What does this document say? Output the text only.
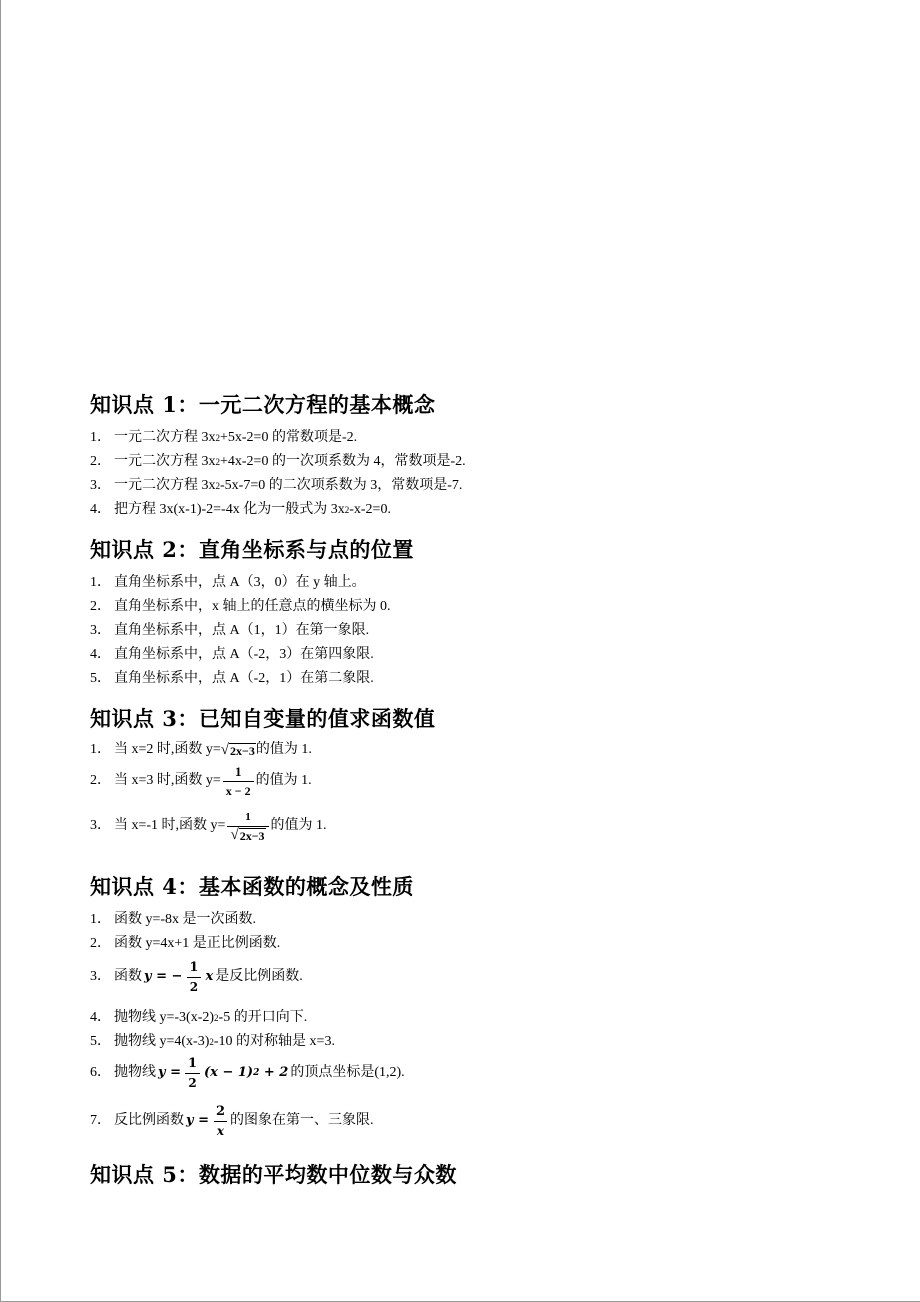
知识点 1：一元二次方程的基本概念
1． 一元二次方程 3x 2 +5x-2=0 的常数项是-2.
2． 一元二次方程 3x 2 +4x-2=0 的一次项系数为 4，常数项是-2.
3． 一元二次方程 3x 2 -5x-7=0 的二次项系数为 3，常数项是-7.
4． 把方程 3x(x-1)-2=-4x 化为一般式为 3x 2 -x-2=0.
知识点 2：直角坐标系与点的位置
1． 直角坐标系中，点 A（3，0）在 y 轴上。
2． 直角坐标系中，x 轴上的任意点的横坐标为 0.
3． 直角坐标系中，点 A（1，1）在第一象限.
4． 直角坐标系中，点 A（-2，3）在第四象限.
5． 直角坐标系中，点 A（-2，1）在第二象限.
知识点 3：已知自变量的值求函数值
1． 当 x=2 时,函数 y= √ 2x−3 的值为 1.
2． 当 x=3 时,函数 $y= \frac{1}{x - 2}$ 的值为 1.
3． 当 x=-1 时,函数 $y= \frac{1}{√ 2x-3}$ 的值为 1.
知识点 4：基本函数的概念及性质
1． 函数 y=-8x 是一次函数.
2． 函数 y=4x+1 是正比例函数.
3． 函数 y = − $\frac{1}{2}$ x 是反比例函数.
4． 抛物线 y=-3(x-2) 2 -5 的开口向下.
5． 抛物线 y=4(x-3) 2 -10 的对称轴是 x=3.
6． 抛物线 $y = \frac{1}{2} (x - 1) 2 + 2$ 的顶点坐标是(1,2).
7． 反比例函数 $y = \frac{2}{x}$ 的图象在第一、三象限.
知识点 5：数据的平均数中位数与众数
